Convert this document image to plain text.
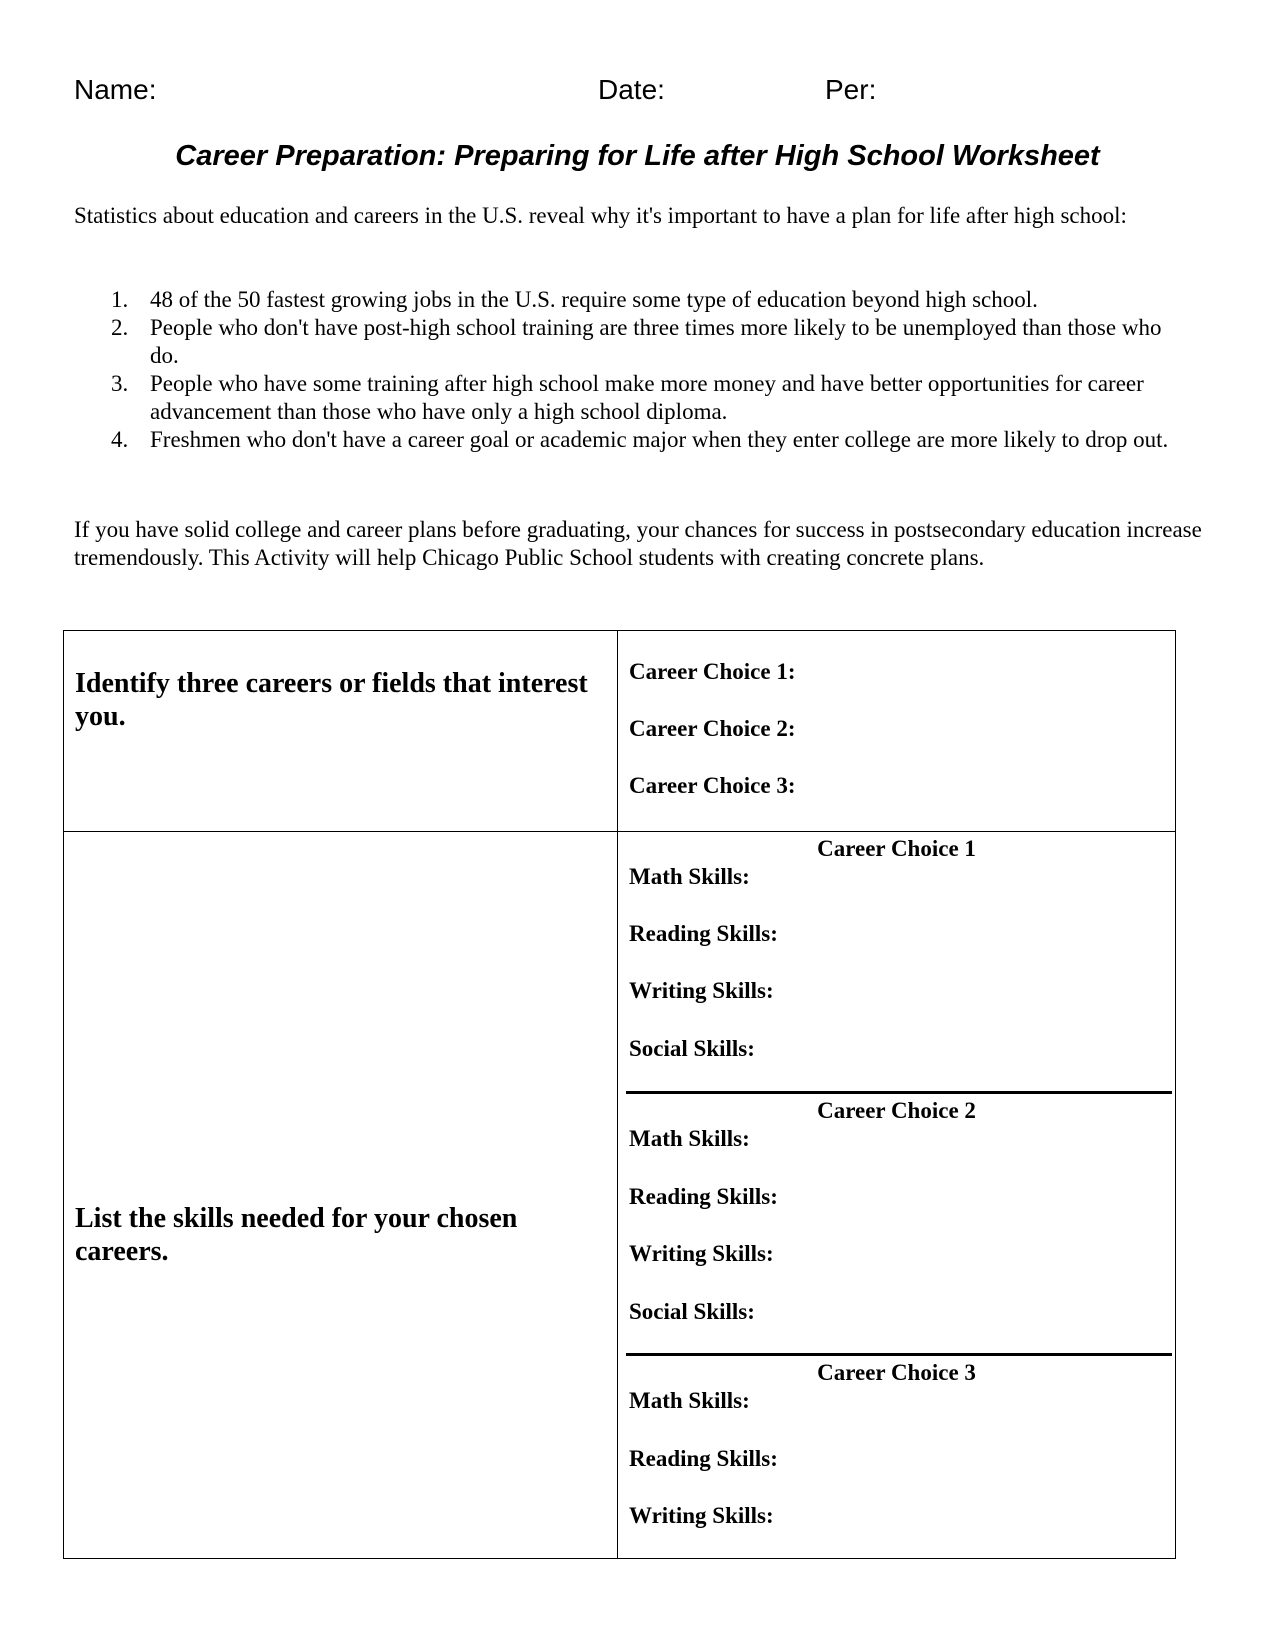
Name:	Date:	Per:
Career Preparation: Preparing for Life after High School Worksheet

Statistics about education and careers in the U.S. reveal why it's important to have a plan for life after high school:

1. 48 of the 50 fastest growing jobs in the U.S. require some type of education beyond high school.
2. People who don't have post-high school training are three times more likely to be unemployed than those who do.
3. People who have some training after high school make more money and have better opportunities for career advancement than those who have only a high school diploma.
4. Freshmen who don't have a career goal or academic major when they enter college are more likely to drop out.

If you have solid college and career plans before graduating, your chances for success in postsecondary education increase tremendously. This Activity will help Chicago Public School students with creating concrete plans.

Identify three careers or fields that interest you.
Career Choice 1:
Career Choice 2:
Career Choice 3:
List the skills needed for your chosen careers.
Career Choice 1
Math Skills:
Reading Skills:
Writing Skills:
Social Skills:
Career Choice 2
Math Skills:
Reading Skills:
Writing Skills:
Social Skills:
Career Choice 3
Math Skills:
Reading Skills:
Writing Skills:
